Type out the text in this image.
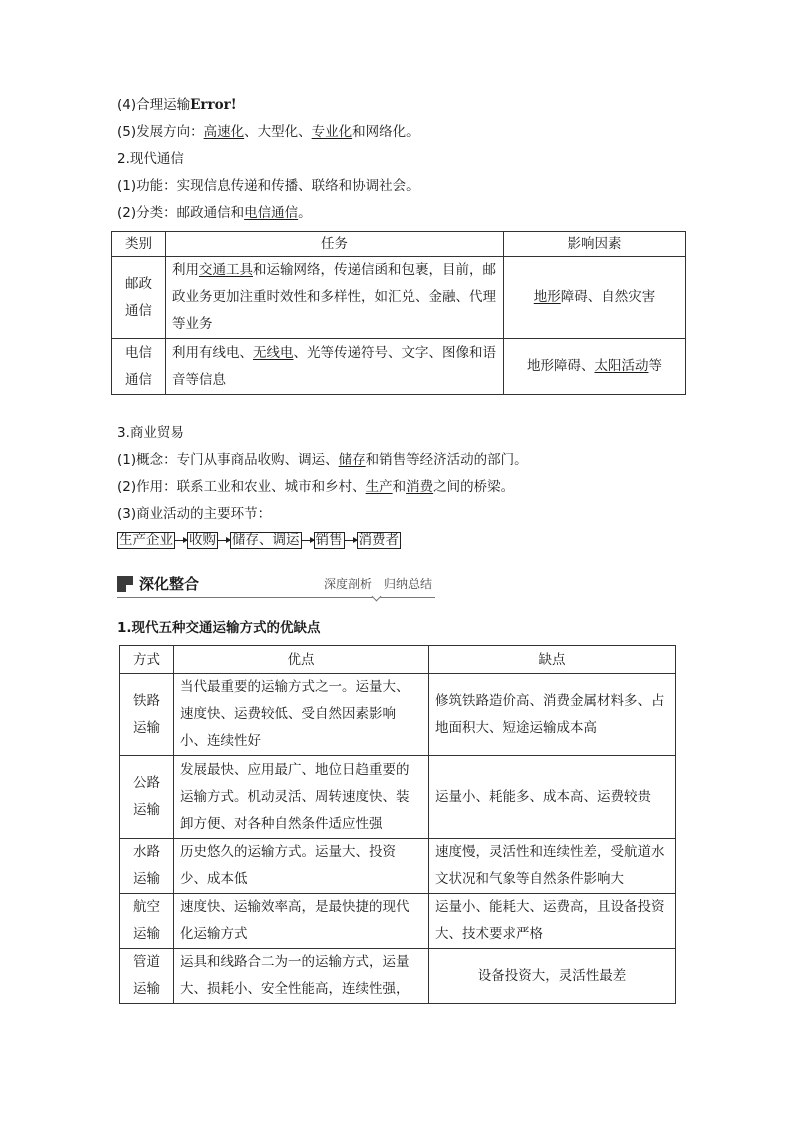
(4)合理运输Error!
(5)发展方向：高速化、大型化、专业化和网络化。
2.现代通信
(1)功能：实现信息传递和传播、联络和协调社会。
(2)分类：邮政通信和电信通信。
类别	任务	影响因素
邮政通信	利用交通工具和运输网络，传递信函和包裹，目前，邮政业务更加注重时效性和多样性，如汇兑、金融、代理等业务	地形障碍、自然灾害
电信通信	利用有线电、无线电、光等传递符号、文字、图像和语音等信息	地形障碍、太阳活动等
3.商业贸易
(1)概念：专门从事商品收购、调运、储存和销售等经济活动的部门。
(2)作用：联系工业和农业、城市和乡村、生产和消费之间的桥梁。
(3)商业活动的主要环节：
生产企业 收购 储存、调运 销售 消费者
深化整合	深度剖析　归纳总结
1.现代五种交通运输方式的优缺点
方式	优点	缺点
铁路运输	当代最重要的运输方式之一。运量大、速度快、运费较低、受自然因素影响小、连续性好	修筑铁路造价高、消费金属材料多、占地面积大、短途运输成本高
公路运输	发展最快、应用最广、地位日趋重要的运输方式。机动灵活、周转速度快、装卸方便、对各种自然条件适应性强	运量小、耗能多、成本高、运费较贵
水路运输	历史悠久的运输方式。运量大、投资少、成本低	速度慢，灵活性和连续性差，受航道水文状况和气象等自然条件影响大
航空运输	速度快、运输效率高，是最快捷的现代化运输方式	运量小、能耗大、运费高，且设备投资大、技术要求严格
管道运输	运具和线路合二为一的运输方式，运量大、损耗小、安全性能高，连续性强，	设备投资大，灵活性最差
